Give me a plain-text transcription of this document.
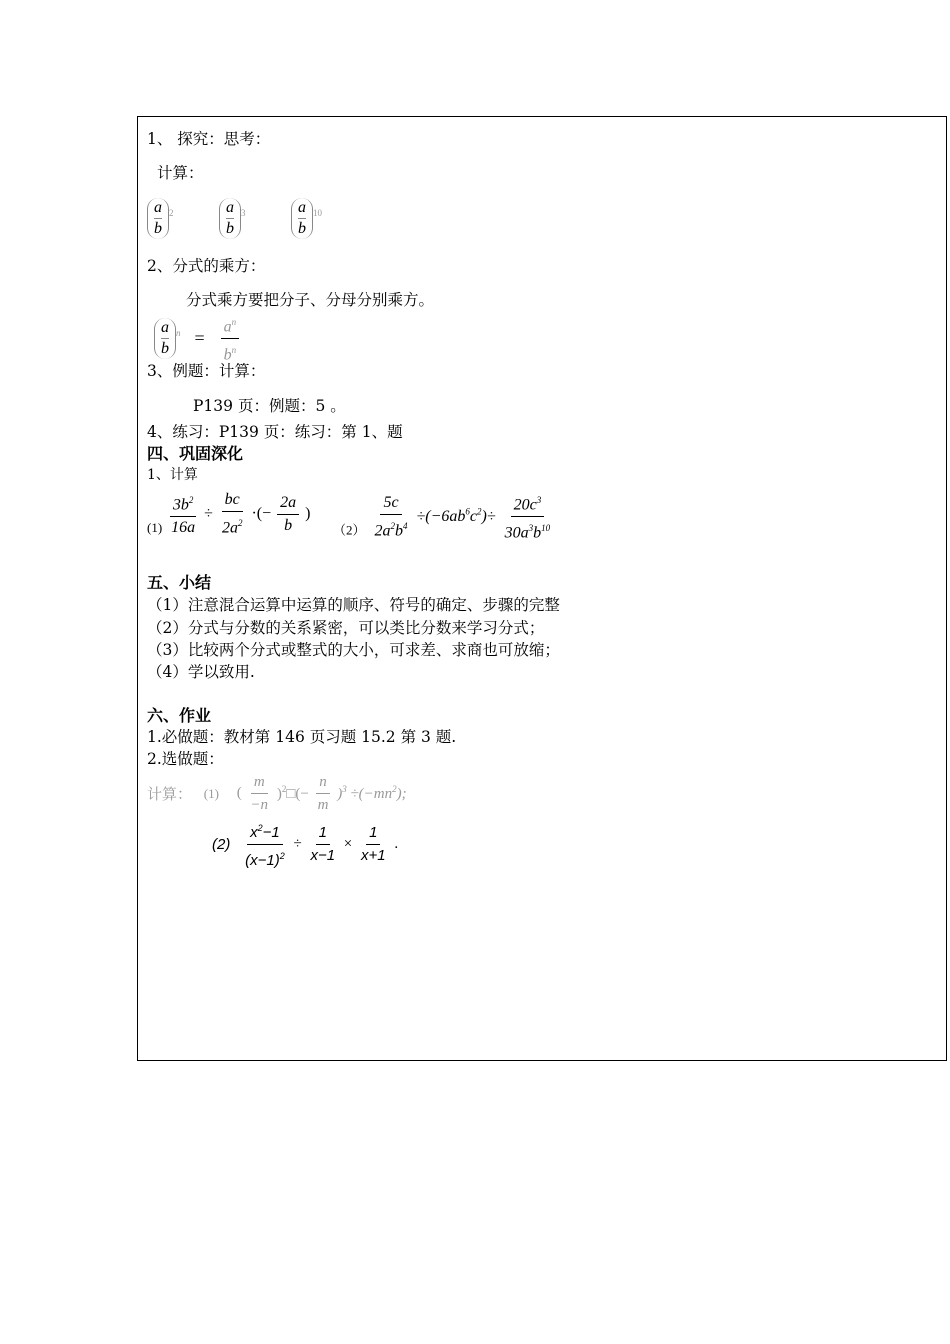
1、 探究：思考：
计算：
$\frac{a}{b} ^2$	$\frac{a}{b} ^3$	$\frac{a}{b} ^{10}$
2、分式的乘方：
分式乘方要把分子、分母分别乘方。
$\frac{a}{b} ^n = \frac{a^n}{b^n}$
3、例题：计算：
P139 页：例题：5 。
4、练习：P139 页：练习：第 1、题
四、巩固深化
1、计算
$_{(1)} \frac{3b^2}{16a} \div \frac{bc}{2a^2}$ ·(− $\frac{2a}{b}$ )
$_{(2)} \frac{5c}{2a^2b^4} \div(-6ab^6c^2)\div \frac{20c^3}{30a^3b^{10}}$
五、小结
（1）注意混合运算中运算的顺序、符号的确定、步骤的完整
（2）分式与分数的关系紧密，可以类比分数来学习分式；
（3）比较两个分式或整式的大小，可求差、求商也可放缩；
（4）学以致用.
六、作业
1.必做题：教材第 146 页习题 15.2 第 3 题.
2.选做题：
计算： (1) ( $\frac{m}{-n}$ )$^2$□(− $\frac{n}{m} )^3 \div(-mn^2)$;
$(2) \frac{x^2-1}{(x-1)^2} \div \frac{1}{x-1} \times \frac{1}{x+1}$ .
